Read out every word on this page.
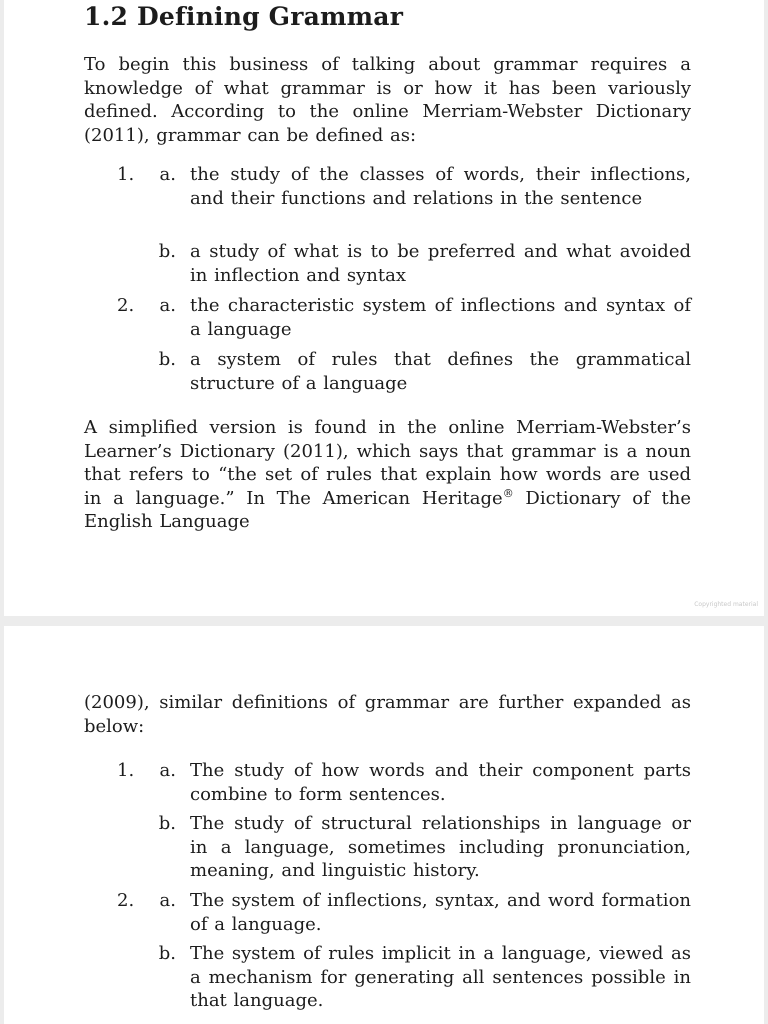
1.2 Defining Grammar

To begin this business of talking about grammar requires a knowledge of what grammar is or how it has been variously defined. According to the online Merriam-Webster Dictionary (2011), grammar can be defined as:

1.	a. the study of the classes of words, their inflections, and their functions and relations in the sentence
b. a study of what is to be preferred and what avoided in inflection and syntax
2.	a. the characteristic system of inflections and syntax of a language
b. a system of rules that defines the grammatical structure of a language

A simplified version is found in the online Merriam-Webster’s Learner’s Dictionary (2011), which says that grammar is a noun that refers to “the set of rules that explain how words are used in a language.” In The American Heritage® Dictionary of the English Language

Copyrighted material

(2009), similar definitions of grammar are further expanded as below:

1.	a. The study of how words and their component parts combine to form sentences.
b. The study of structural relationships in language or in a language, sometimes including pronunciation, meaning, and linguistic history.
2.	a. The system of inflections, syntax, and word formation of a language.
b. The system of rules implicit in a language, viewed as a mechanism for generating all sentences possible in that language.
